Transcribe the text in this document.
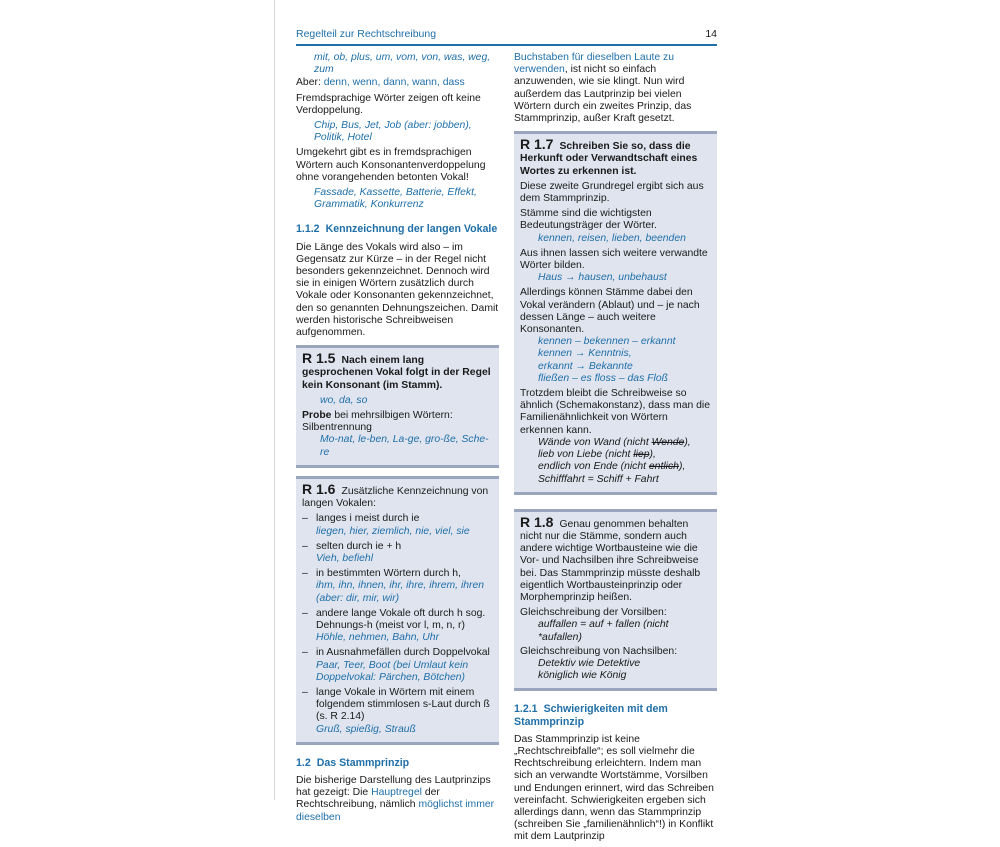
Regelteil zur Rechtschreibung	14
mit, ob, plus, um, vom, von, was, weg, zum

Aber: denn, wenn, dann, wann, dass

Fremdsprachige Wörter zeigen oft keine Verdoppelung.

Chip, Bus, Jet, Job (aber: jobben), Politik, Hotel

Umgekehrt gibt es in fremdsprachigen Wörtern auch Konsonantenverdoppelung ohne vorangehenden betonten Vokal!

Fassade, Kassette, Batterie, Effekt, Grammatik, Konkurrenz
1.1.2 Kennzeichnung der langen Vokale

Die Länge des Vokals wird also – im Gegensatz zur Kürze – in der Regel nicht besonders gekennzeichnet. Dennoch wird sie in einigen Wörtern zusätzlich durch Vokale oder Konsonanten gekennzeichnet, den so genannten Dehnungszeichen. Damit werden historische Schreibweisen aufgenommen.

R 1.5 Nach einem lang gesprochenen Vokal folgt in der Regel kein Konsonant (im Stamm).

wo, da, so

Probe bei mehrsilbigen Wörtern: Silbentrennung

Mo-nat, le-ben, La-ge, gro-ße, Sche-re

R 1.6 Zusätzliche Kennzeichnung von langen Vokalen:

– langes i meist durch ie
liegen, hier, ziemlich, nie, viel, sie
– selten durch ie + h
Vieh, befiehl
– in bestimmten Wörtern durch h,
ihm, ihn, ihnen, ihr, ihre, ihrem, ihren (aber: dir, mir, wir)
– andere lange Vokale oft durch h sog. Dehnungs-h (meist vor l, m, n, r)
Höhle, nehmen, Bahn, Uhr
– in Ausnahmefällen durch Doppelvokal
Paar, Teer, Boot (bei Umlaut kein Doppelvokal: Pärchen, Bötchen)
– lange Vokale in Wörtern mit einem folgendem stimmlosen s-Laut durch ß (s. R 2.14)
Gruß, spießig, Strauß
1.2 Das Stammprinzip

Die bisherige Darstellung des Lautprinzips hat gezeigt: Die Hauptregel der Rechtschreibung, nämlich möglichst immer dieselben

Buchstaben für dieselben Laute zu verwenden, ist nicht so einfach anzuwenden, wie sie klingt. Nun wird außerdem das Lautprinzip bei vielen Wörtern durch ein zweites Prinzip, das Stammprinzip, außer Kraft gesetzt.

R 1.7 Schreiben Sie so, dass die Herkunft oder Verwandtschaft eines Wortes zu erkennen ist.

Diese zweite Grundregel ergibt sich aus dem Stammprinzip.

Stämme sind die wichtigsten Bedeutungsträger der Wörter.

kennen, reisen, lieben, beenden

Aus ihnen lassen sich weitere verwandte Wörter bilden.

Haus → hausen, unbehaust

Allerdings können Stämme dabei den Vokal verändern (Ablaut) und – je nach dessen Länge – auch weitere Konsonanten.

kennen – bekennen – erkannt
kennen → Kenntnis,
erkannt → Bekannte
fließen – es floss – das Floß

Trotzdem bleibt die Schreibweise so ähnlich (Schemakonstanz), dass man die Familienähnlichkeit von Wörtern erkennen kann.

Wände von Wand (nicht Wende),
lieb von Liebe (nicht liep),
endlich von Ende (nicht entlich),
Schifffahrt = Schiff + Fahrt

R 1.8 Genau genommen behalten nicht nur die Stämme, sondern auch andere wichtige Wortbausteine wie die Vor- und Nachsilben ihre Schreibweise bei. Das Stammprinzip müsste deshalb eigentlich Wortbausteinprinzip oder Morphemprinzip heißen.

Gleichschreibung der Vorsilben:

auffallen = auf + fallen (nicht *aufallen)

Gleichschreibung von Nachsilben:

Detektiv wie Detektive
königlich wie König
1.2.1 Schwierigkeiten mit dem Stammprinzip

Das Stammprinzip ist keine „Rechtschreibfalle“; es soll vielmehr die Rechtschreibung erleichtern. Indem man sich an verwandte Wortstämme, Vorsilben und Endungen erinnert, wird das Schreiben vereinfacht. Schwierigkeiten ergeben sich allerdings dann, wenn das Stammprinzip (schreiben Sie „familienähnlich“!) in Konflikt mit dem Lautprinzip
